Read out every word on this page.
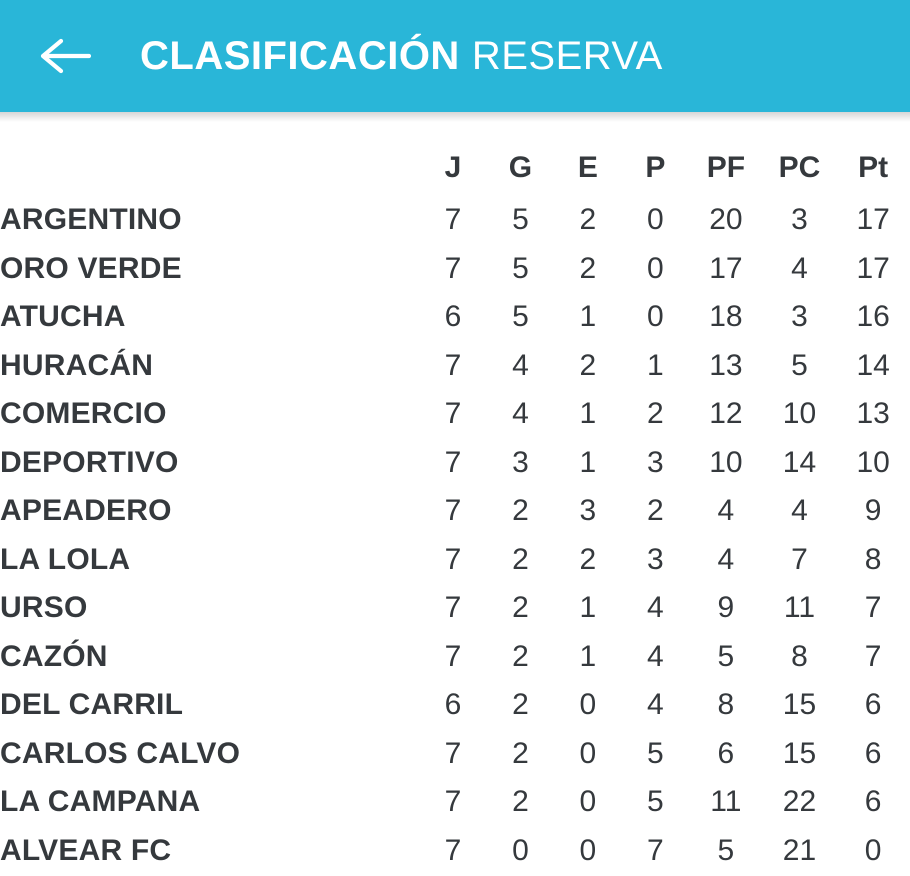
CLASIFICACIÓN RESERVA
	J	G	E	P	PF	PC	Pt
ARGENTINO	7	5	2	0	20	3	17
ORO VERDE	7	5	2	0	17	4	17
ATUCHA	6	5	1	0	18	3	16
HURACÁN	7	4	2	1	13	5	14
COMERCIO	7	4	1	2	12	10	13
DEPORTIVO	7	3	1	3	10	14	10
APEADERO	7	2	3	2	4	4	9
LA LOLA	7	2	2	3	4	7	8
URSO	7	2	1	4	9	11	7
CAZÓN	7	2	1	4	5	8	7
DEL CARRIL	6	2	0	4	8	15	6
CARLOS CALVO	7	2	0	5	6	15	6
LA CAMPANA	7	2	0	5	11	22	6
ALVEAR FC	7	0	0	7	5	21	0
